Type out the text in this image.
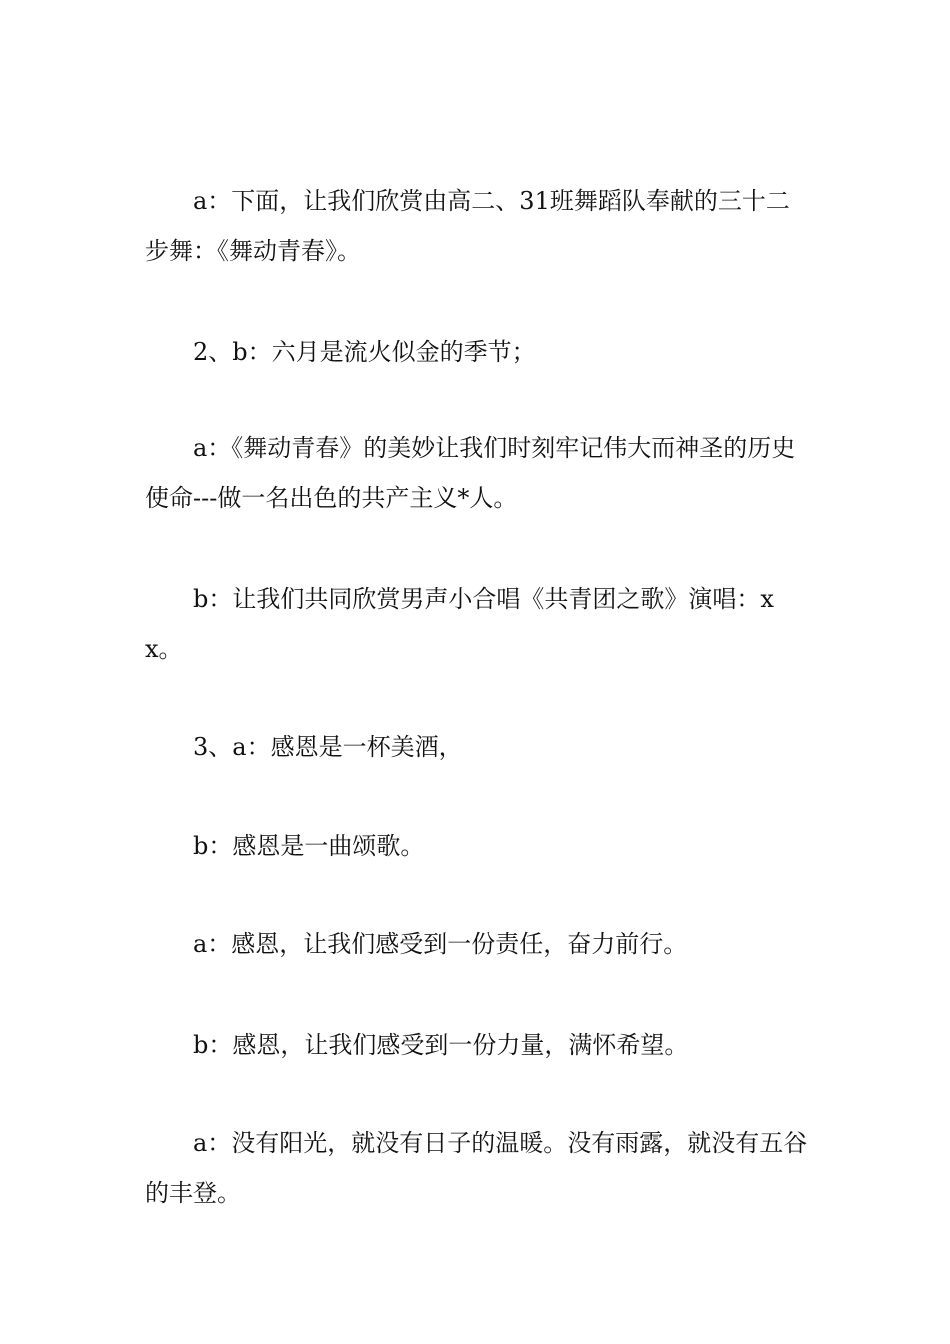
a：下面，让我们欣赏由高二、31班舞蹈队奉献的三十二步舞：《舞动青春》。

2、b：六月是流火似金的季节；

a：《舞动青春》的美妙让我们时刻牢记伟大而神圣的历史使命---做一名出色的共产主义*人。

b：让我们共同欣赏男声小合唱《共青团之歌》演唱：xx。

3、a：感恩是一杯美酒，

b：感恩是一曲颂歌。

a：感恩，让我们感受到一份责任，奋力前行。

b：感恩，让我们感受到一份力量，满怀希望。

a：没有阳光，就没有日子的温暖。没有雨露，就没有五谷的丰登。
